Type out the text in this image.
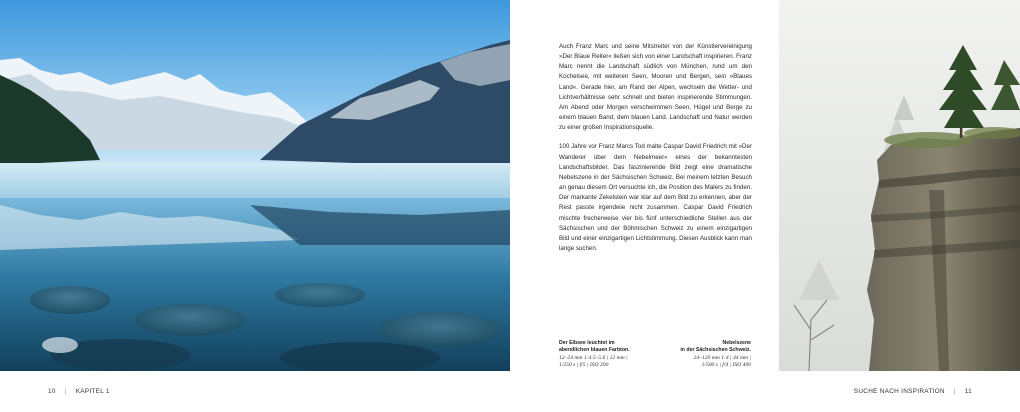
Auch Franz Marc und seine Mitstreiter von der Künstlervereinigung »Der Blaue Reiter« ließen sich von einer Landschaft inspirieren. Franz Marc nennt die Landschaft südlich von München, rund um den Kochelsee, mit weiteren Seen, Mooren und Bergen, sein »Blaues Land«. Gerade hier, am Rand der Alpen, wechseln die Wetter- und Lichtverhältnisse sehr schnell und bieten inspirierende Stimmungen. Am Abend oder Morgen verschwimmen Seen, Hügel und Berge zu einem blauen Band, dem blauen Land. Landschaft und Natur werden zu einer großen Inspirationsquelle.

100 Jahre vor Franz Marcs Tod malte Caspar David Friedrich mit »Der Wanderer über dem Nebelmeer« eines der bekanntesten Landschaftsbilder. Das faszinierende Bild zeigt eine dramatische Nebelszene in der Sächsischen Schweiz. Bei meinem letzten Besuch an genau diesem Ort versuchte ich, die Position des Malers zu finden. Der markante Zekelstein war klar auf dem Bild zu erkennen, aber der Rest passte irgendwie nicht zusammen. Caspar David Friedrich mischte frecherweise vier bis fünf unterschiedliche Stellen aus der Sächsischen und der Böhmischen Schweiz zu einem einzigartigen Bild und einer einzigartigen Lichtstimmung. Diesen Ausblick kann man lange suchen.

Der Eibsee leuchtet im
abendlichen blauen Farbton.
12–24 mm 1:4.5–5.6 | 12 mm |
1/250 s | f/5 | ISO 200
Nebelszene
in der Sächsischen Schweiz.
24–120 mm 1:4 | 44 mm |
1/500 s | f/4 | ISO 400
10 | KAPITEL 1	SUCHE NACH INSPIRATION | 11
